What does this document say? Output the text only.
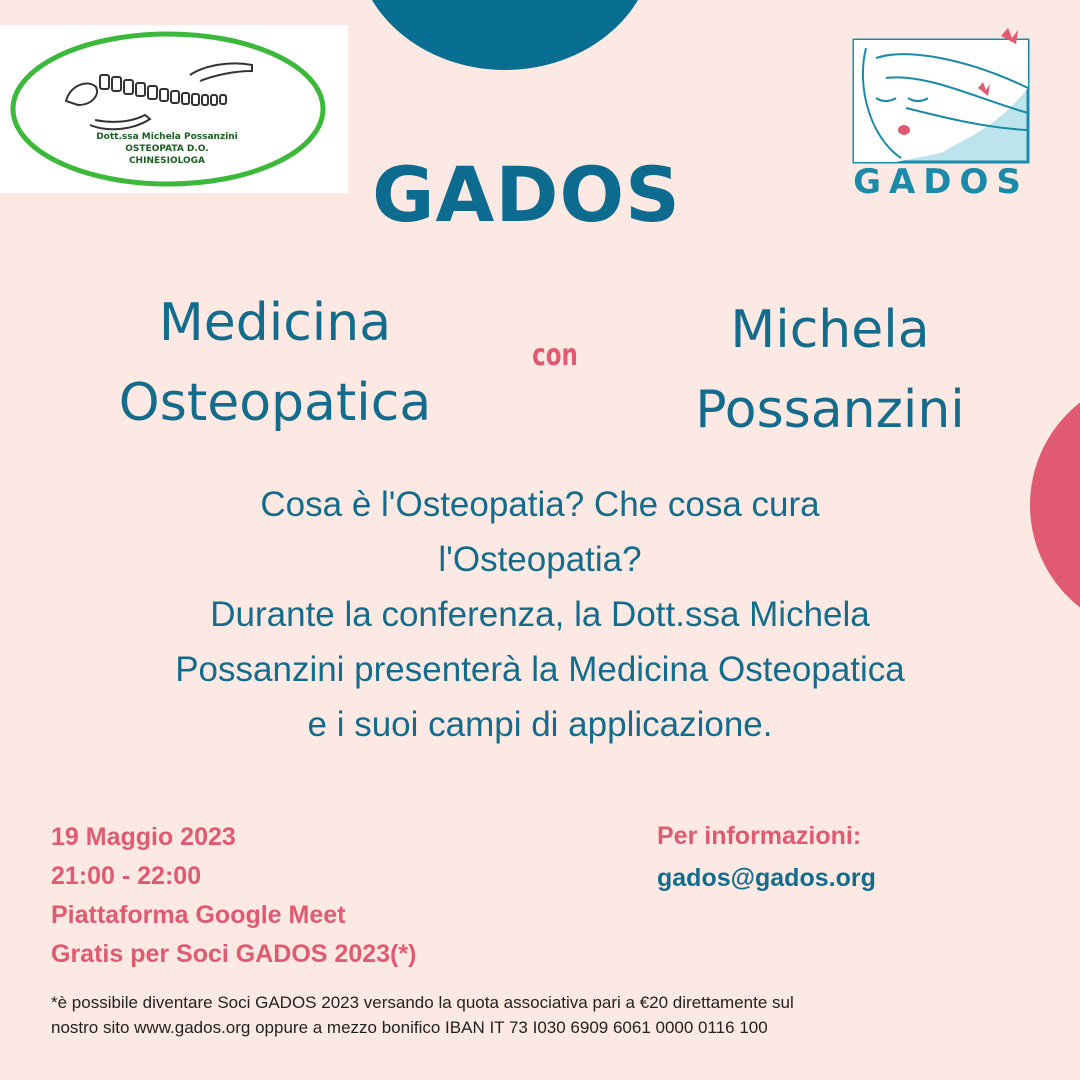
Dott.ssa Michela Possanzini
OSTEOPATA D.O.
CHINESIOLOGA
GADOS
GADOS
Medicina
Osteopatica
con	Michela
Possanzini
Cosa è l'Osteopatia? Che cosa cura
l'Osteopatia?
Durante la conferenza, la Dott.ssa Michela
Possanzini presenterà la Medicina Osteopatica
e i suoi campi di applicazione.
19 Maggio 2023
21:00 - 22:00
Piattaforma Google Meet
Gratis per Soci GADOS 2023(*)
Per informazioni:
gados@gados.org
*è possibile diventare Soci GADOS 2023 versando la quota associativa pari a €20 direttamente sul
nostro sito www.gados.org oppure a mezzo bonifico IBAN IT 73 I030 6909 6061 0000 0116 100
